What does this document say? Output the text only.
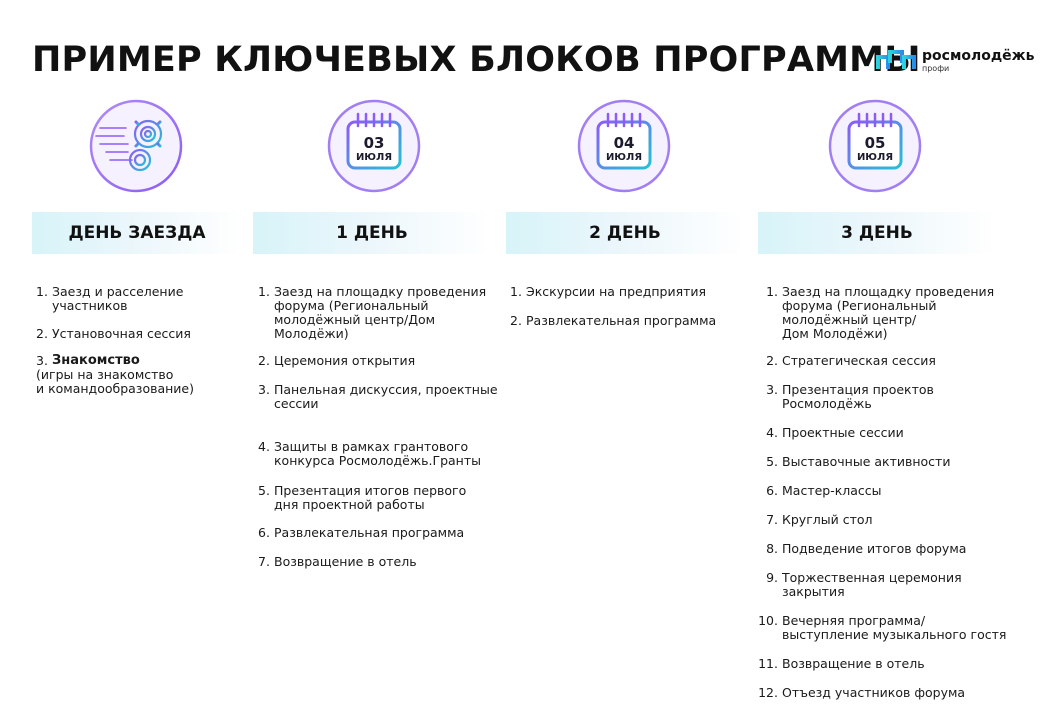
ПРИМЕР КЛЮЧЕВЫХ БЛОКОВ ПРОГРАММЫ росмолодёжь
профи
ДЕНЬ ЗАЕЗДА
1. Заезд и расселение
участников
2. Установочная сессия
3. Знакомство
(игры на знакомство
и командообразование)
03
ИЮЛЯ
1 ДЕНЬ
1. Заезд на площадку проведения
форума (Региональный
молодёжный центр/Дом
Молодёжи)
2. Церемония открытия
3. Панельная дискуссия, проектные
сессии
4. Защиты в рамках грантового
конкурса Росмолодёжь.Гранты
5. Презентация итогов первого
дня проектной работы
6. Развлекательная программа
7. Возвращение в отель
04
ИЮЛЯ
2 ДЕНЬ
1. Экскурсии на предприятия
2. Развлекательная программа
05
ИЮЛЯ
3 ДЕНЬ
1. Заезд на площадку проведения
форума (Региональный
молодёжный центр/
Дом Молодёжи)
2. Стратегическая сессия
3. Презентация проектов
Росмолодёжь
4. Проектные сессии
5. Выставочные активности
6. Мастер-классы
7. Круглый стол
8. Подведение итогов форума
9. Торжественная церемония
закрытия
10. Вечерняя программа/
выступление музыкального гостя
11. Возвращение в отель
12. Отъезд участников форума
